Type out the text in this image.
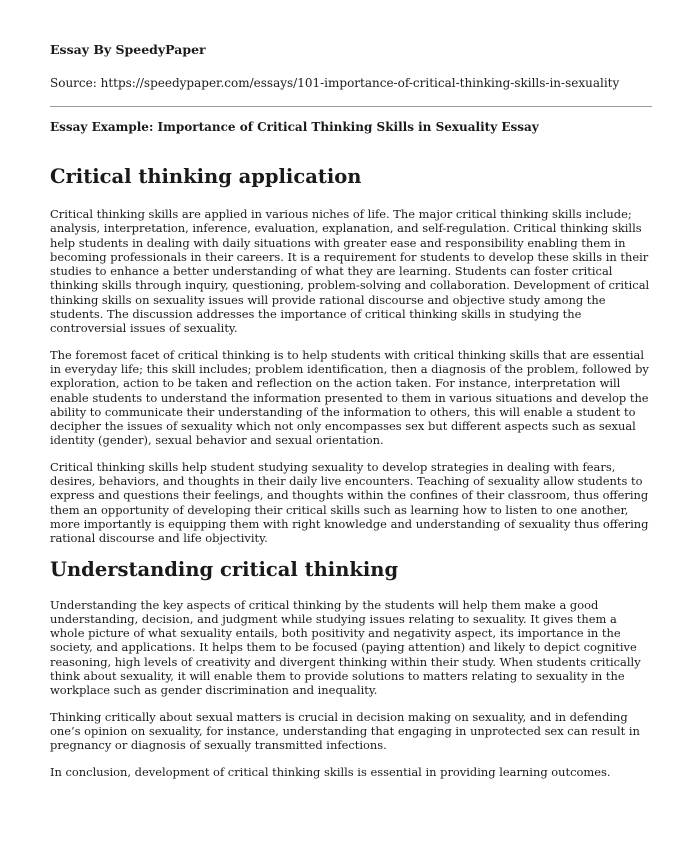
Essay By SpeedyPaper

Source: https://speedypaper.com/essays/101-importance-of-critical-thinking-skills-in-sexuality

Essay Example: Importance of Critical Thinking Skills in Sexuality Essay

Critical thinking application

Critical thinking skills are applied in various niches of life. The major critical thinking skills include; analysis, interpretation, inference, evaluation, explanation, and self-regulation. Critical thinking skills help students in dealing with daily situations with greater ease and responsibility enabling them in becoming professionals in their careers. It is a requirement for students to develop these skills in their studies to enhance a better understanding of what they are learning. Students can foster critical thinking skills through inquiry, questioning, problem-solving and collaboration. Development of critical thinking skills on sexuality issues will provide rational discourse and objective study among the students. The discussion addresses the importance of critical thinking skills in studying the controversial issues of sexuality.

The foremost facet of critical thinking is to help students with critical thinking skills that are essential in everyday life; this skill includes; problem identification, then a diagnosis of the problem, followed by exploration, action to be taken and reflection on the action taken. For instance, interpretation will enable students to understand the information presented to them in various situations and develop the ability to communicate their understanding of the information to others, this will enable a student to decipher the issues of sexuality which not only encompasses sex but different aspects such as sexual identity (gender), sexual behavior and sexual orientation.

Critical thinking skills help student studying sexuality to develop strategies in dealing with fears, desires, behaviors, and thoughts in their daily live encounters. Teaching of sexuality allow students to express and questions their feelings, and thoughts within the confines of their classroom, thus offering them an opportunity of developing their critical skills such as learning how to listen to one another, more importantly is equipping them with right knowledge and understanding of sexuality thus offering rational discourse and life objectivity.

Understanding critical thinking

Understanding the key aspects of critical thinking by the students will help them make a good understanding, decision, and judgment while studying issues relating to sexuality. It gives them a whole picture of what sexuality entails, both positivity and negativity aspect, its importance in the society, and applications. It helps them to be focused (paying attention) and likely to depict cognitive reasoning, high levels of creativity and divergent thinking within their study. When students critically think about sexuality, it will enable them to provide solutions to matters relating to sexuality in the workplace such as gender discrimination and inequality.

Thinking critically about sexual matters is crucial in decision making on sexuality, and in defending one’s opinion on sexuality, for instance, understanding that engaging in unprotected sex can result in pregnancy or diagnosis of sexually transmitted infections.

In conclusion, development of critical thinking skills is essential in providing learning outcomes.
